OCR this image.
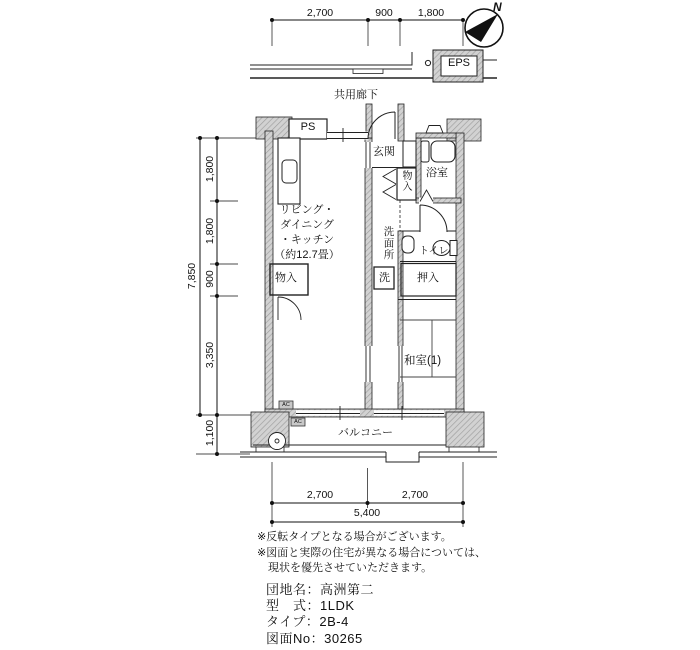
N
EPS
共用廊下
PS
玄関
浴室
物入
リビング・
ダイニング
・キッチン
（約12.7畳）	洗面所 トイレ
洗
物入	押入
和室(1)
バルコニー
AC
AC
2,700	900	1,800
7,850
1,800
1,800
900
3,350
1,100
2,700	2,700
5,400
※反転タイプとなる場合がございます。
※図面と実際の住宅が異なる場合については、
　現状を優先させていただきます。
団地名：高洲第二
型　式：1LDK
タイプ：2B-4
図面No：30265
